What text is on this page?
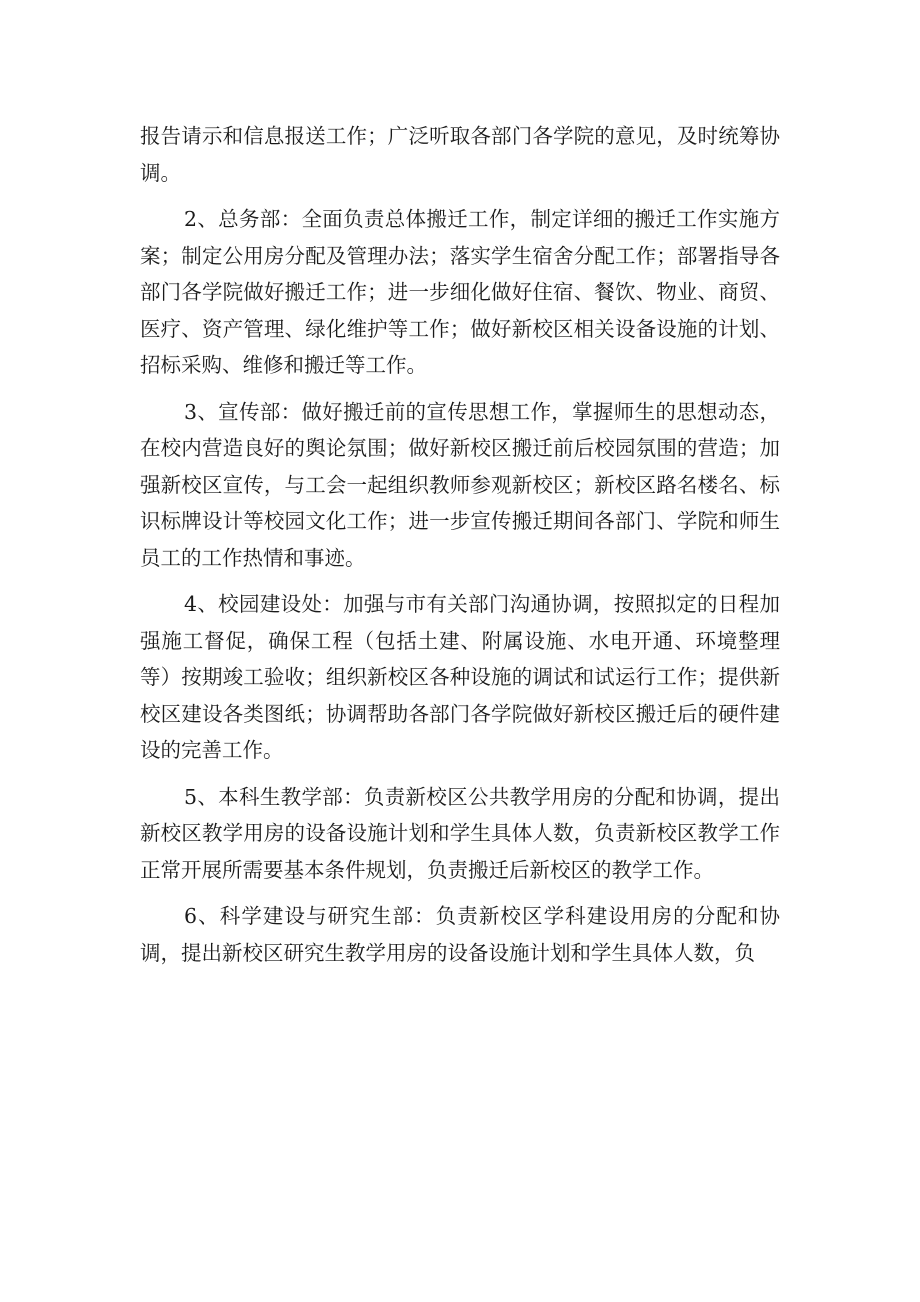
报告请示和信息报送工作；广泛听取各部门各学院的意见，及时统筹协调。

2、总务部：全面负责总体搬迁工作，制定详细的搬迁工作实施方案；制定公用房分配及管理办法；落实学生宿舍分配工作；部署指导各部门各学院做好搬迁工作；进一步细化做好住宿、餐饮、物业、商贸、医疗、资产管理、绿化维护等工作；做好新校区相关设备设施的计划、招标采购、维修和搬迁等工作。

3、宣传部：做好搬迁前的宣传思想工作，掌握师生的思想动态，在校内营造良好的舆论氛围；做好新校区搬迁前后校园氛围的营造；加强新校区宣传，与工会一起组织教师参观新校区；新校区路名楼名、标识标牌设计等校园文化工作；进一步宣传搬迁期间各部门、学院和师生员工的工作热情和事迹。

4、校园建设处：加强与市有关部门沟通协调，按照拟定的日程加强施工督促，确保工程（包括土建、附属设施、水电开通、环境整理等）按期竣工验收；组织新校区各种设施的调试和试运行工作；提供新校区建设各类图纸；协调帮助各部门各学院做好新校区搬迁后的硬件建设的完善工作。

5、本科生教学部：负责新校区公共教学用房的分配和协调，提出新校区教学用房的设备设施计划和学生具体人数，负责新校区教学工作正常开展所需要基本条件规划，负责搬迁后新校区的教学工作。

6、科学建设与研究生部：负责新校区学科建设用房的分配和协调，提出新校区研究生教学用房的设备设施计划和学生具体人数，负
